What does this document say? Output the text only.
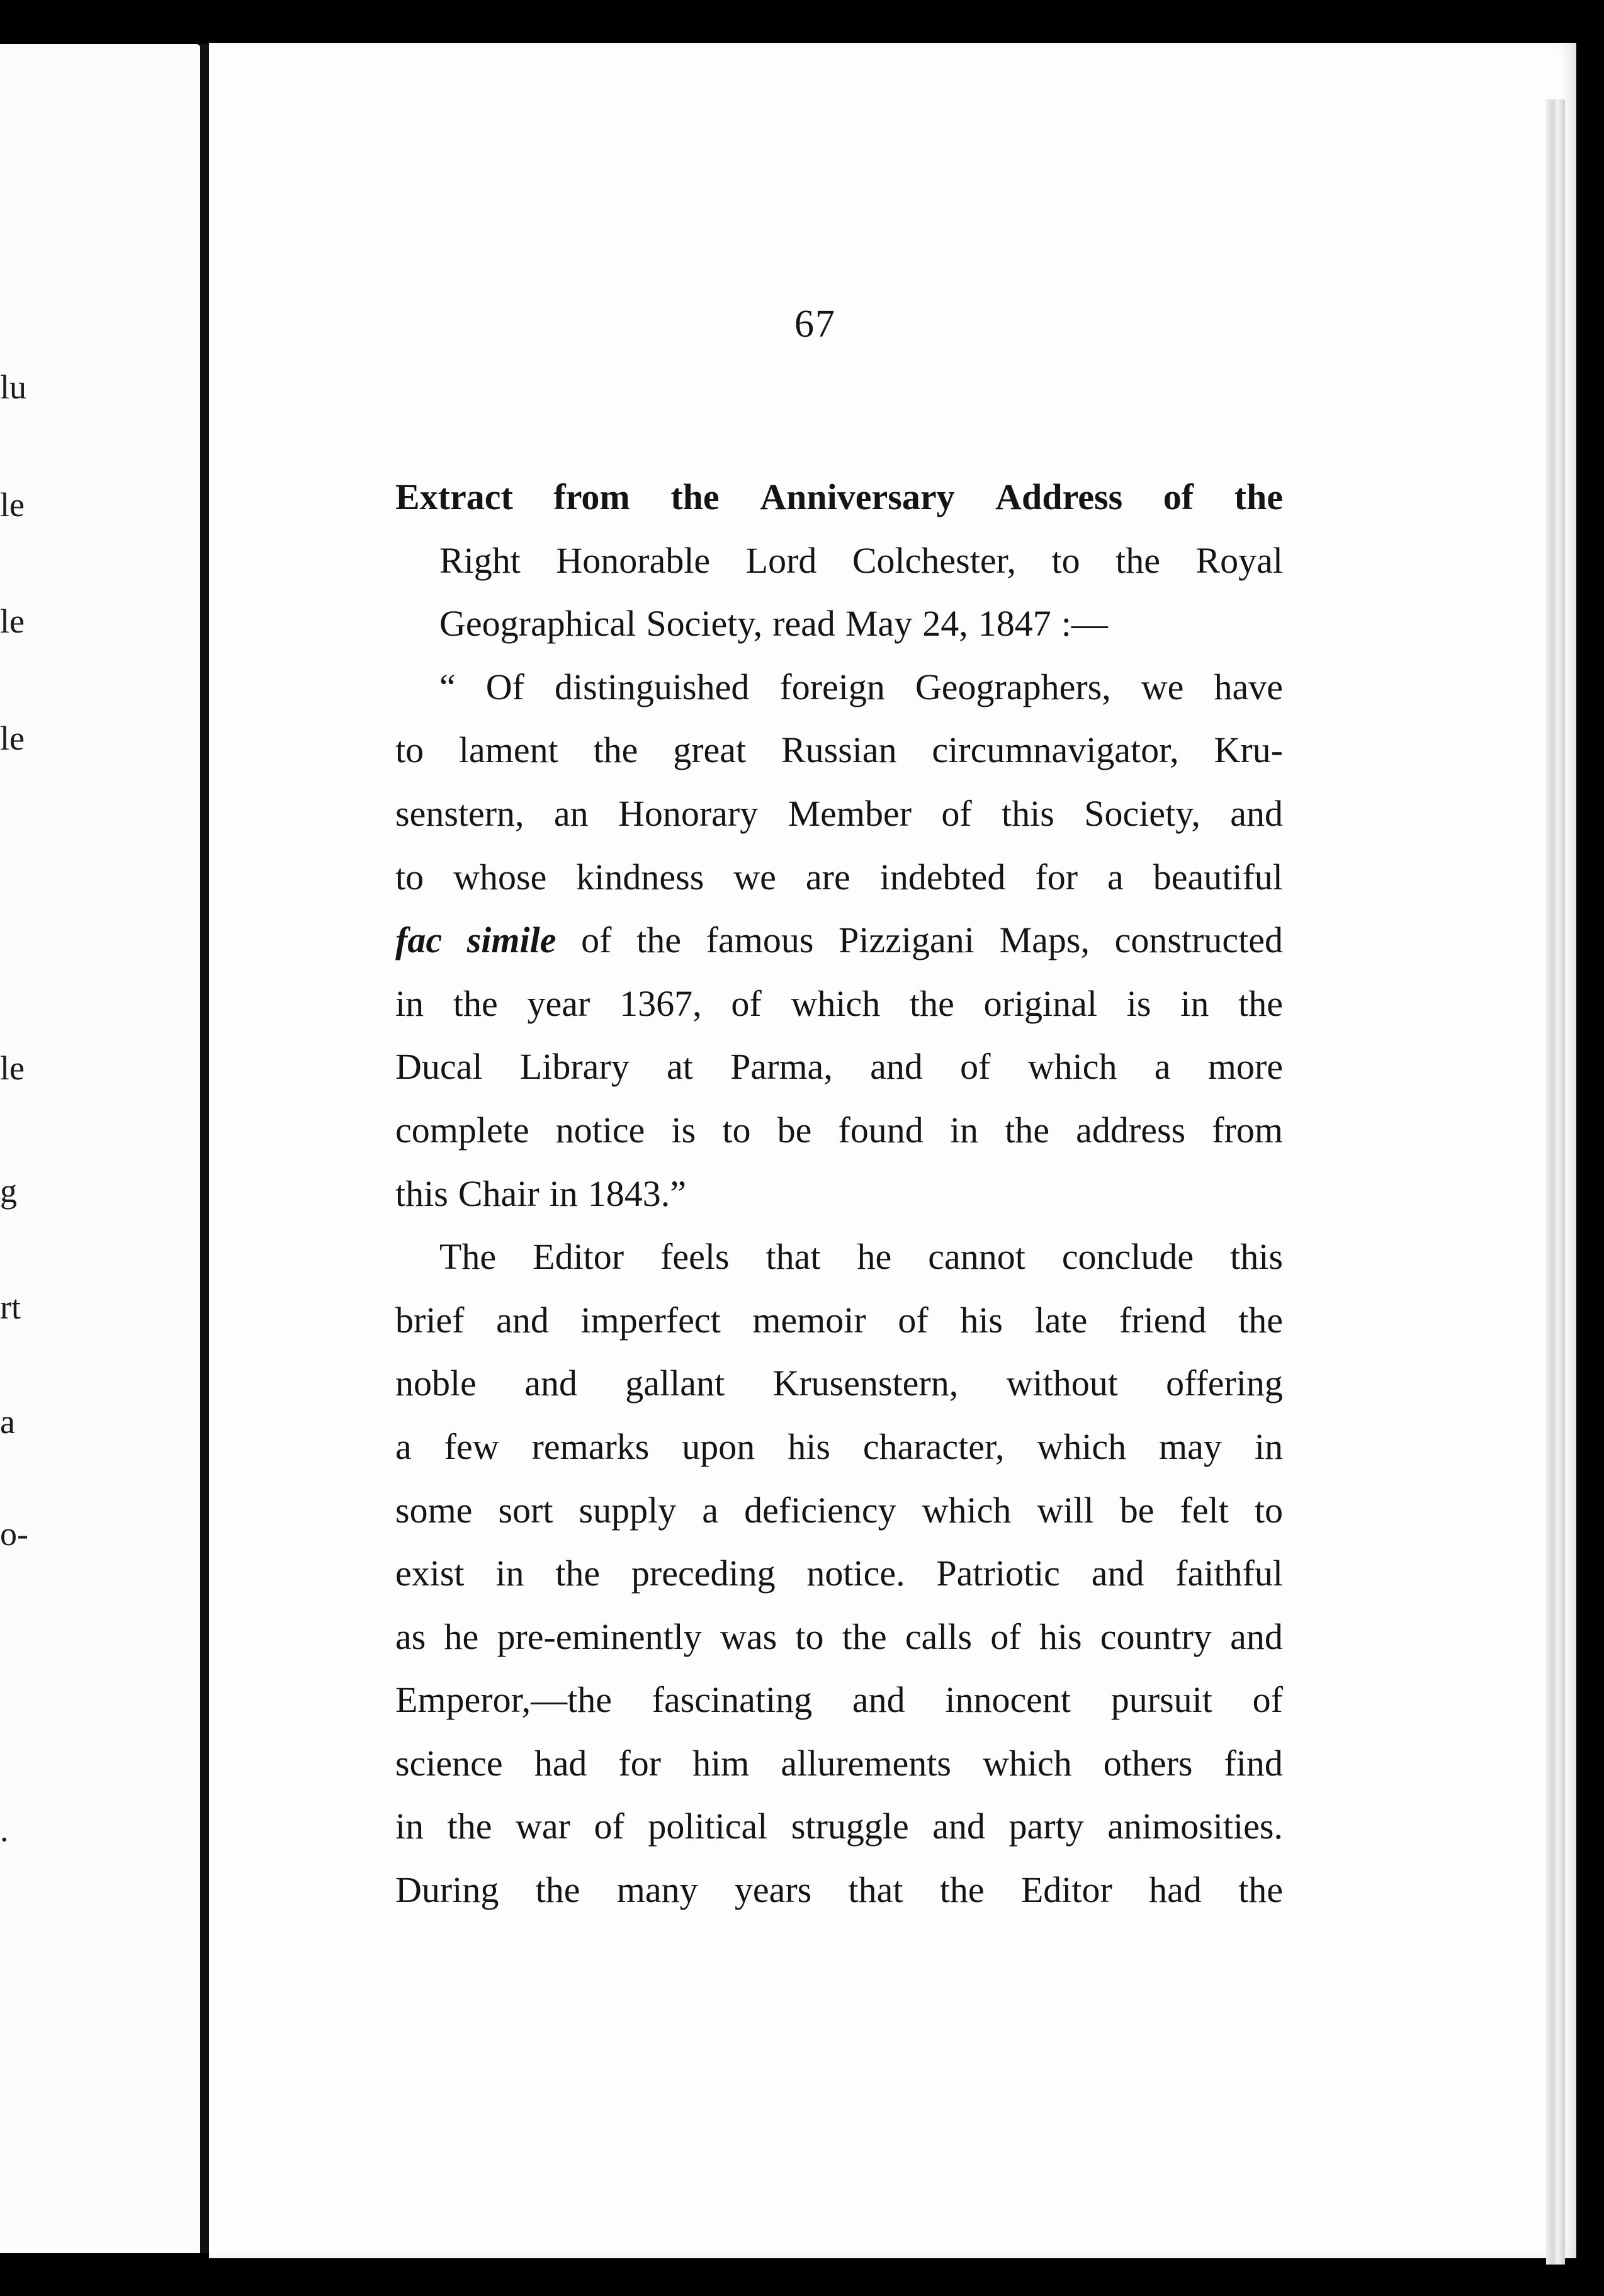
lu
le
le
le
le
g
rt
a
o-
.
67
Extract from the Anniversary Address of the
Right Honorable Lord Colchester, to the Royal
Geographical Society, read May 24, 1847 :—
“ Of distinguished foreign Geographers, we have
to lament the great Russian circumnavigator, Kru-
senstern, an Honorary Member of this Society, and
to whose kindness we are indebted for a beautiful
fac simile of the famous Pizzigani Maps, constructed
in the year 1367, of which the original is in the
Ducal Library at Parma, and of which a more
complete notice is to be found in the address from
this Chair in 1843.”
The Editor feels that he cannot conclude this
brief and imperfect memoir of his late friend the
noble and gallant Krusenstern, without offering
a few remarks upon his character, which may in
some sort supply a deficiency which will be felt to
exist in the preceding notice. Patriotic and faithful
as he pre-eminently was to the calls of his country and
Emperor,—the fascinating and innocent pursuit of
science had for him allurements which others find
in the war of political struggle and party animosities.
During the many years that the Editor had the
